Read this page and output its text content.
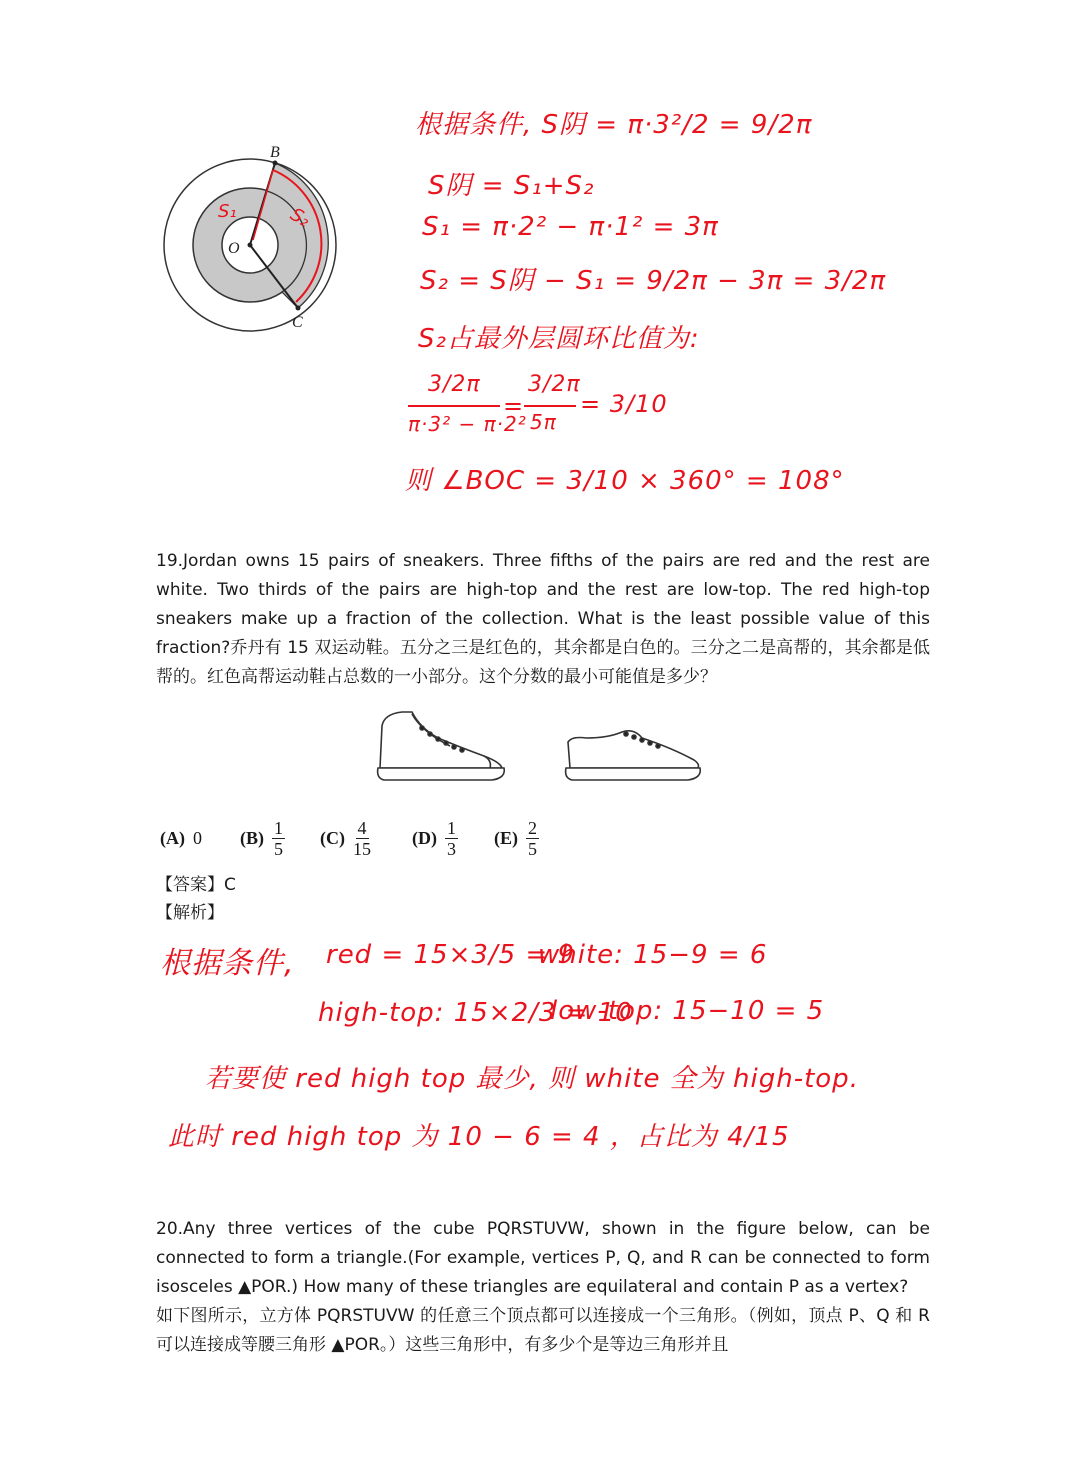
B
O
C
S₁	S₂
根据条件, S阴 = π·3²/2 = 9/2π
S阴 = S₁+S₂
S₁ = π·2² − π·1² = 3π
S₂ = S阴 − S₁ = 9/2π − 3π = 3/2π
S₂占最外层圆环比值为:
3/2π
π·3² − π·2²
=
3/2π
5π
= 3/10
则 ∠BOC = 3/10 × 360° = 108°
19.Jordan owns 15 pairs of sneakers. Three fifths of the pairs are red and the rest are white. Two thirds of the pairs are high-top and the rest are low-top. The red high-top sneakers make up a fraction of the collection. What is the least possible value of this fraction?乔丹有 15 双运动鞋。五分之三是红色的，其余都是白色的。三分之二是高帮的，其余都是低帮的。红色高帮运动鞋占总数的一小部分。这个分数的最小可能值是多少？
(A) 0 $(B) \frac{1}{5} (C) \frac{4}{15} (D) \frac{1}{3} (E) \frac{2}{5}$
【答案】C
【解析】
根据条件, red = 15×3/5 = 9
white: 15−9 = 6
high-top: 15×2/3 = 10
low-top: 15−10 = 5
若要使 red high top 最少, 则 white 全为 high-top.
此时 red high top 为 10 − 6 = 4 ，占比为 4/15
20.Any three vertices of the cube PQRSTUVW, shown in the figure below, can be connected to form a triangle.(For example, vertices P, Q, and R can be connected to form isosceles ▲POR.) How many of these triangles are equilateral and contain P as a vertex?
如下图所示，立方体 PQRSTUVW 的任意三个顶点都可以连接成一个三角形。（例如，顶点 P、Q 和 R 可以连接成等腰三角形 ▲POR。）这些三角形中，有多少个是等边三角形并且
